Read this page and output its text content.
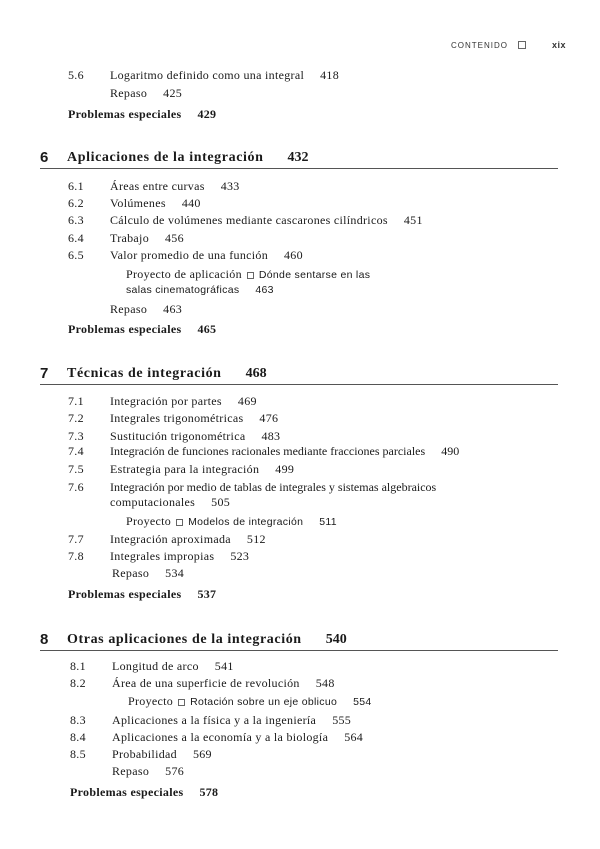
CONTENIDO	xix
5.6 Logaritmo definido como una integral 418
Repaso 425
Problemas especiales 429
6	Aplicaciones de la integración 432
6.1 Áreas entre curvas 433
6.2 Volúmenes 440
6.3 Cálculo de volúmenes mediante cascarones cilíndricos 451
6.4 Trabajo 456
6.5 Valor promedio de una función 460
Proyecto de aplicación Dónde sentarse en las
salas cinematográficas 463
Repaso 463
Problemas especiales 465
7	Técnicas de integración 468
7.1 Integración por partes 469
7.2 Integrales trigonométricas 476
7.3 Sustitución trigonométrica 483
7.4 Integración de funciones racionales mediante fracciones parciales 490
7.5 Estrategia para la integración 499
7.6 Integración por medio de tablas de integrales y sistemas algebraicos
computacionales 505
Proyecto Modelos de integración 511
7.7 Integración aproximada 512
7.8 Integrales impropias 523
Repaso 534
Problemas especiales 537
8	Otras aplicaciones de la integración 540
8.1 Longitud de arco 541
8.2 Área de una superficie de revolución 548
Proyecto Rotación sobre un eje oblicuo 554
8.3 Aplicaciones a la física y a la ingeniería 555
8.4 Aplicaciones a la economía y a la biología 564
8.5 Probabilidad 569
Repaso 576
Problemas especiales 578
